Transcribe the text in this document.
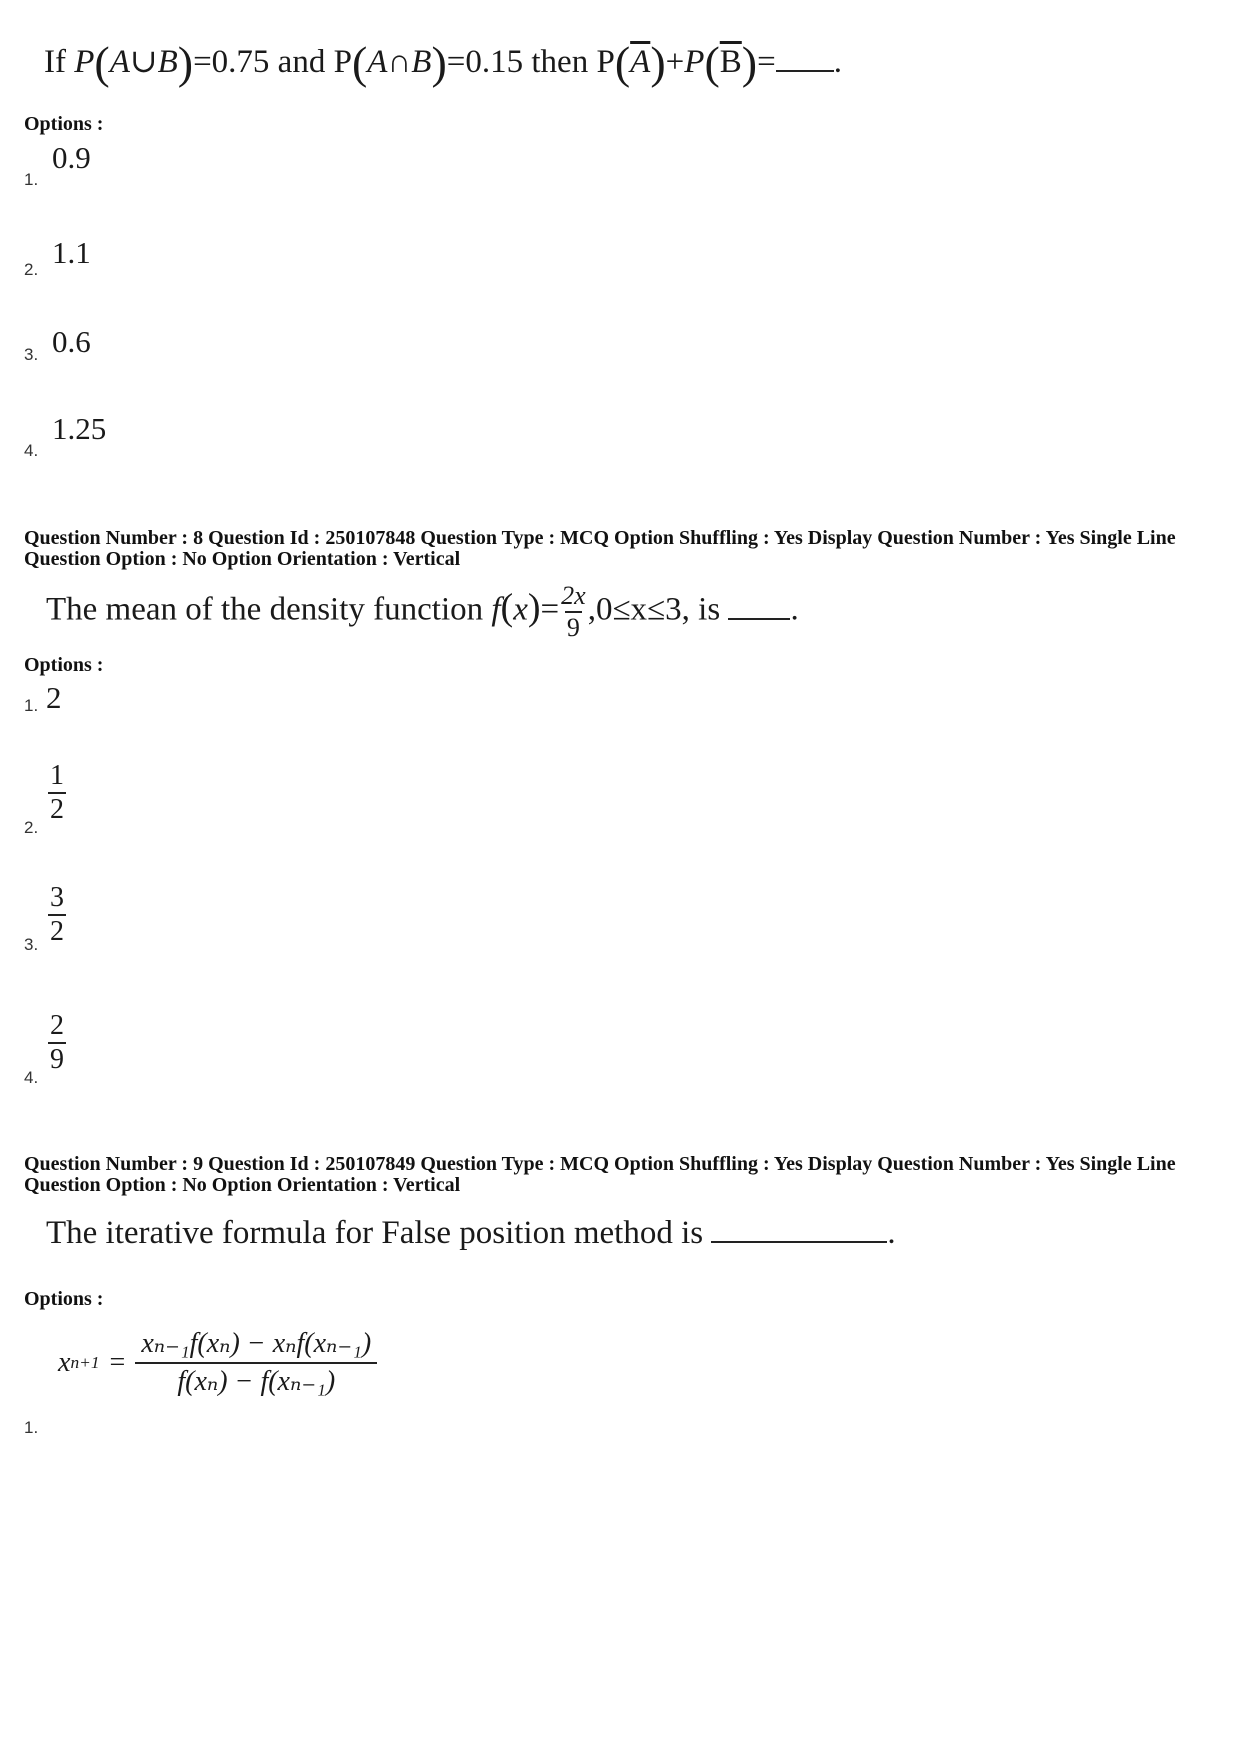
If P(A∪B)=0.75 and P(A∩B)=0.15 then $P(\overline{A})+P(\overline{B})=$ .
Options :
1.
0.9
2. 1.1
3. 0.6
4.
1.25
Question Number : 8 Question Id : 250107848 Question Type : MCQ Option Shuffling : Yes Display Question Number : Yes Single Line Question Option : No Option Orientation : Vertical
The mean of the density function $f(x)= \frac{2x}{9} ,0\le x\le 3$, is .
Options :
1. 2
2.
$\frac{1}{2}$
3. $\frac{3}{2}$
4.
$\frac{2}{9}$
Question Number : 9 Question Id : 250107849 Question Type : MCQ Option Shuffling : Yes Display Question Number : Yes Single Line Question Option : No Option Orientation : Vertical
The iterative formula for False position method is	.
Options :
1.
x $n+1 = \frac{\text{xₙ₋₁f(xₙ) − xₙf(xₙ₋₁)}}{\text{f(xₙ) − f(xₙ₋₁)}}$
